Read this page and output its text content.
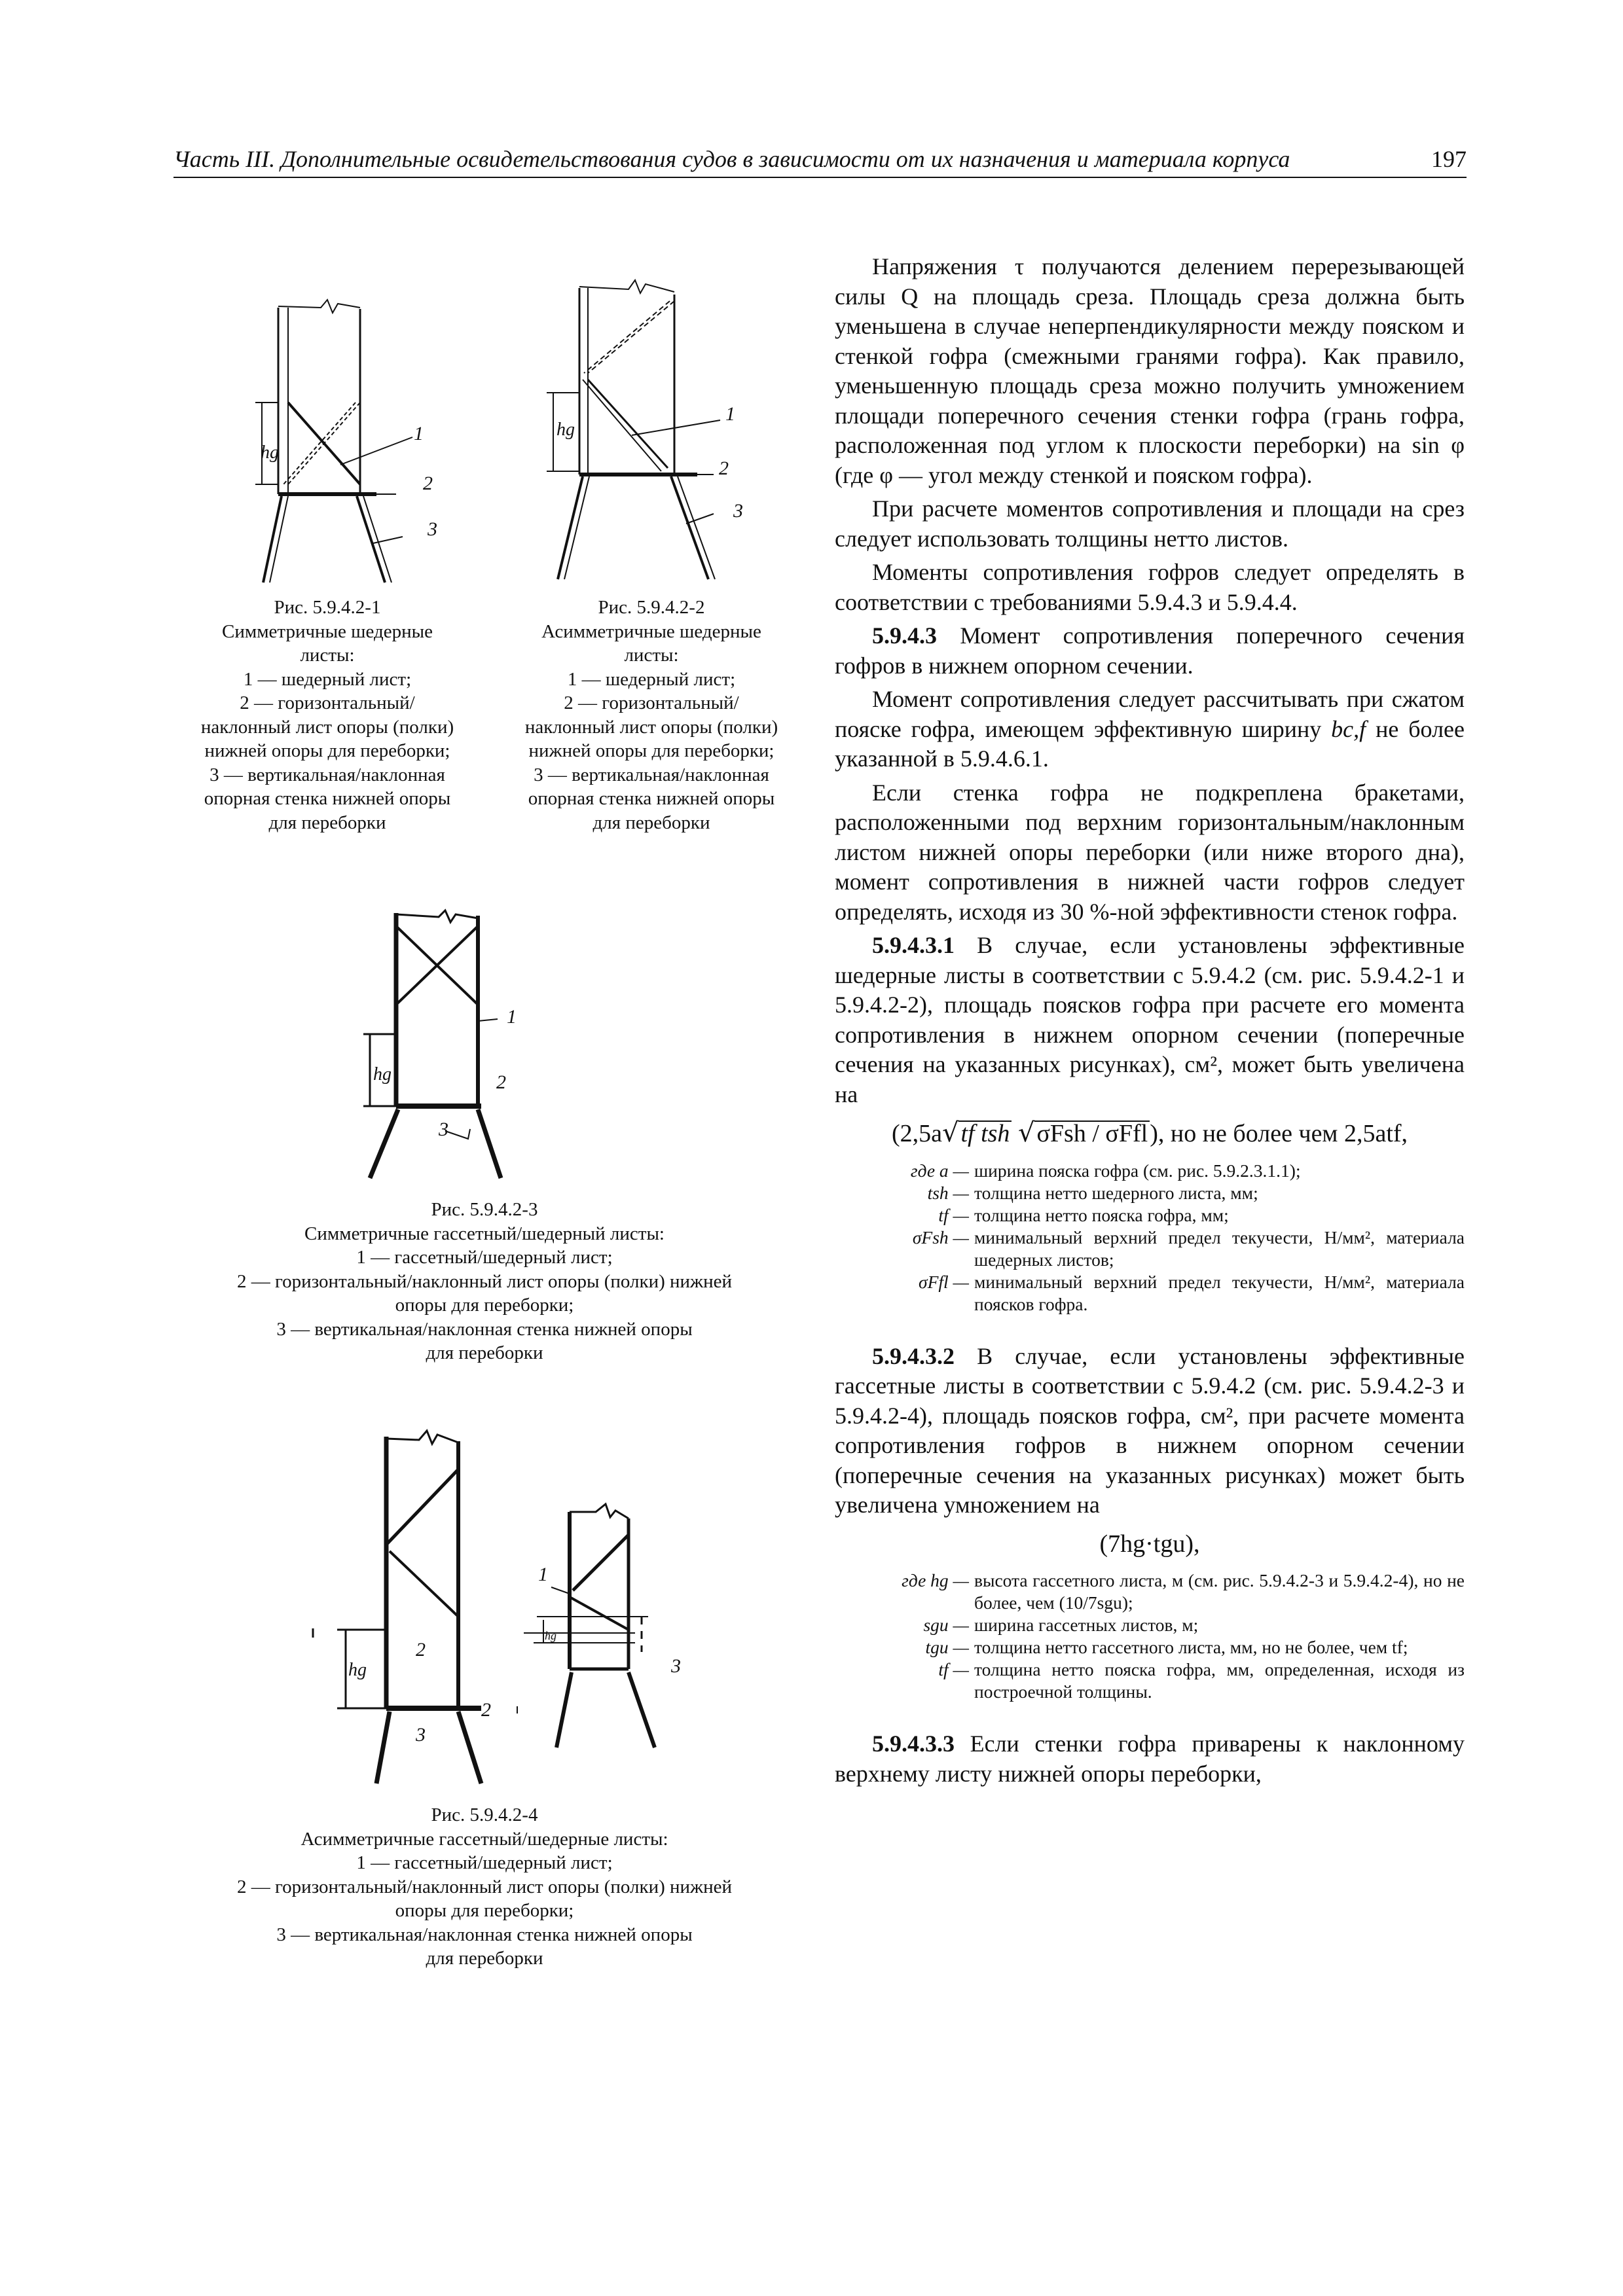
Часть III. Дополнительные освидетельствования судов в зависимости от их назначения и материала корпуса	197
hg
1
2
3
Рис. 5.9.4.2-1
Симметричные шедерные
листы:
1 — шедерный лист;
2 — горизонтальный/
наклонный лист опоры (полки)
нижней опоры для переборки;
3 — вертикальная/наклонная
опорная стенка нижней опоры
для переборки
hg
1
2
3
Рис. 5.9.4.2-2
Асимметричные шедерные
листы:
1 — шедерный лист;
2 — горизонтальный/
наклонный лист опоры (полки)
нижней опоры для переборки;
3 — вертикальная/наклонная
опорная стенка нижней опоры
для переборки
hg
1
2
3
Рис. 5.9.4.2-3
Симметричные гассетный/шедерный листы:
1 — гассетный/шедерный лист;
2 — горизонтальный/наклонный лист опоры (полки) нижней
опоры для переборки;
3 — вертикальная/наклонная стенка нижней опоры
для переборки
hg
2
2
3
hg
1
3
Рис. 5.9.4.2-4
Асимметричные гассетный/шедерные листы:
1 — гассетный/шедерный лист;
2 — горизонтальный/наклонный лист опоры (полки) нижней
опоры для переборки;
3 — вертикальная/наклонная стенка нижней опоры
для переборки

Напряжения τ получаются делением перерезывающей силы Q на площадь среза. Площадь среза должна быть уменьшена в случае неперпендикулярности между пояском и стенкой гофра (смежными гранями гофра). Как правило, уменьшенную площадь среза можно получить умножением площади поперечного сечения стенки гофра (грань гофра, расположенная под углом к плоскости переборки) на sin φ (где φ — угол между стенкой и пояском гофра).

При расчете моментов сопротивления и площади на срез следует использовать толщины нетто листов.

Моменты сопротивления гофров следует определять в соответствии с требованиями 5.9.4.3 и 5.9.4.4.

5.9.4.3 Момент сопротивления поперечного сечения гофров в нижнем опорном сечении.

Момент сопротивления следует рассчитывать при сжатом пояске гофра, имеющем эффективную ширину bc,f не более указанной в 5.9.4.6.1.

Если стенка гофра не подкреплена бракетами, расположенными под верхним горизонтальным/наклонным листом нижней опоры переборки (или ниже второго дна), момент сопротивления в нижней части гофров следует определять, исходя из 30 %-ной эффективности стенок гофра.

5.9.4.3.1 В случае, если установлены эффективные шедерные листы в соответствии с 5.9.4.2 (см. рис. 5.9.4.2-1 и 5.9.4.2-2), площадь поясков гофра при расчете его момента сопротивления в нижнем опорном сечении (поперечные сечения на указанных рисунках), см², может быть увеличена на

(2,5a√tf tsh √σFsh / σFfl), но не более чем 2,5atf,
где a — ширина пояска гофра (см. рис. 5.9.2.3.1.1);
tsh — толщина нетто шедерного листа, мм;
tf — толщина нетто пояска гофра, мм;
σFsh — минимальный верхний предел текучести, Н/мм², материала шедерных листов;
σFfl — минимальный верхний предел текучести, Н/мм², материала поясков гофра.

5.9.4.3.2 В случае, если установлены эффективные гассетные листы в соответствии с 5.9.4.2 (см. рис. 5.9.4.2-3 и 5.9.4.2-4), площадь поясков гофра, см², при расчете момента сопротивления гофров в нижнем опорном сечении (поперечные сечения на указанных рисунках) может быть увеличена умножением на

(7hg·tgu),
где hg — высота гассетного листа, м (см. рис. 5.9.4.2-3 и 5.9.4.2-4), но не более, чем (10/7sgu);
sgu — ширина гассетных листов, м;
tgu — толщина нетто гассетного листа, мм, но не более, чем tf;
tf — толщина нетто пояска гофра, мм, определенная, исходя из построечной толщины.

5.9.4.3.3 Если стенки гофра приварены к наклонному верхнему листу нижней опоры переборки,
